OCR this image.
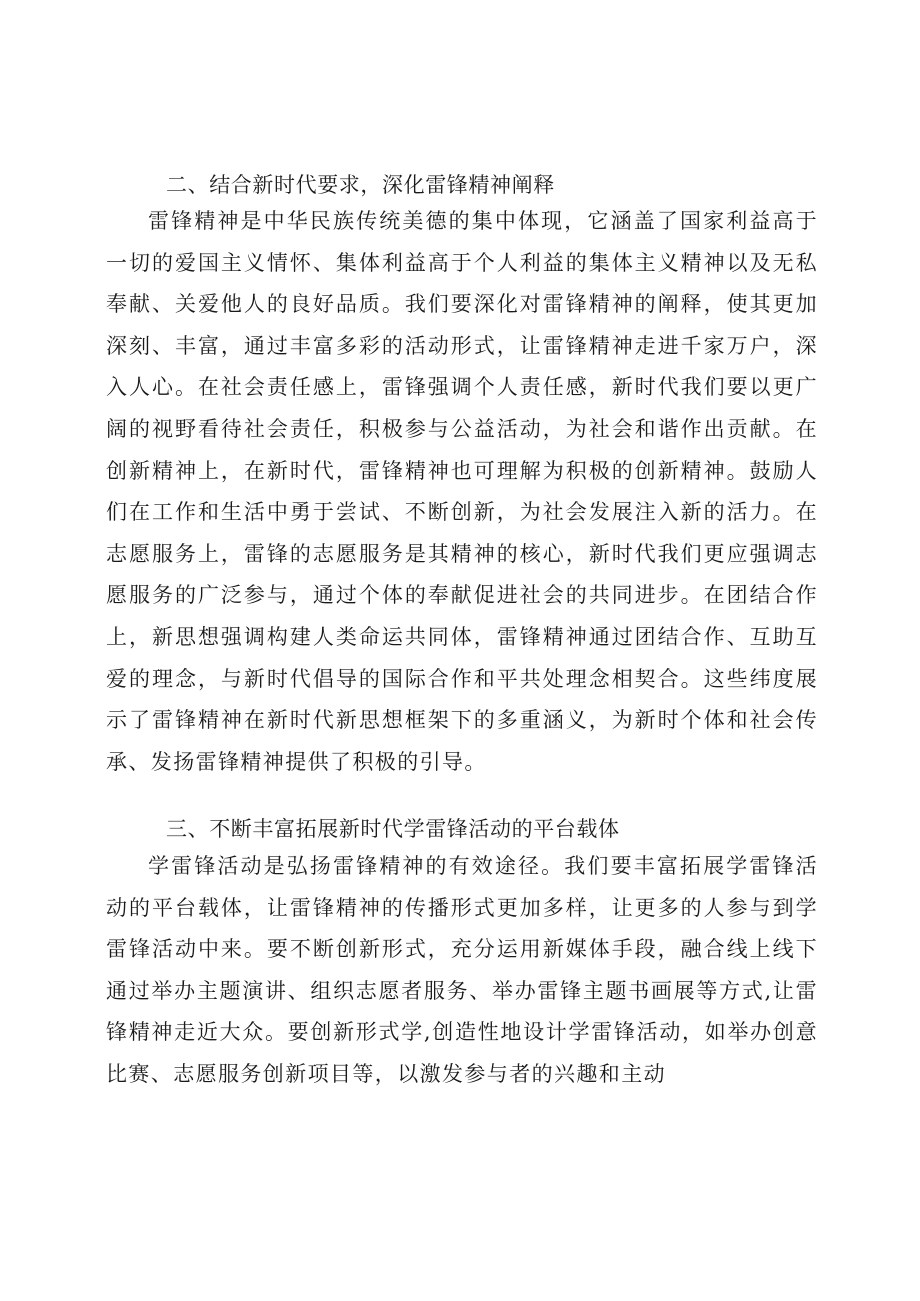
二、结合新时代要求，深化雷锋精神阐释
雷锋精神是中华民族传统美德的集中体现，它涵盖了国家利益高于一切的爱国主义情怀、集体利益高于个人利益的集体主义精神以及无私奉献、关爱他人的良好品质。我们要深化对雷锋精神的阐释，使其更加深刻、丰富，通过丰富多彩的活动形式，让雷锋精神走进千家万户，深入人心。在社会责任感上，雷锋强调个人责任感，新时代我们要以更广阔的视野看待社会责任，积极参与公益活动，为社会和谐作出贡献。在创新精神上，在新时代，雷锋精神也可理解为积极的创新精神。鼓励人们在工作和生活中勇于尝试、不断创新，为社会发展注入新的活力。在志愿服务上，雷锋的志愿服务是其精神的核心，新时代我们更应强调志愿服务的广泛参与，通过个体的奉献促进社会的共同进步。在团结合作上，新思想强调构建人类命运共同体，雷锋精神通过团结合作、互助互爱的理念，与新时代倡导的国际合作和平共处理念相契合。这些纬度展示了雷锋精神在新时代新思想框架下的多重涵义，为新时个体和社会传承、发扬雷锋精神提供了积极的引导。
三、不断丰富拓展新时代学雷锋活动的平台载体
学雷锋活动是弘扬雷锋精神的有效途径。我们要丰富拓展学雷锋活动的平台载体，让雷锋精神的传播形式更加多样，让更多的人参与到学雷锋活动中来。要不断创新形式，充分运用新媒体手段，融合线上线下通过举办主题演讲、组织志愿者服务、举办雷锋主题书画展等方式,让雷锋精神走近大众。要创新形式学,创造性地设计学雷锋活动，如举办创意比赛、志愿服务创新项目等，以激发参与者的兴趣和主动
